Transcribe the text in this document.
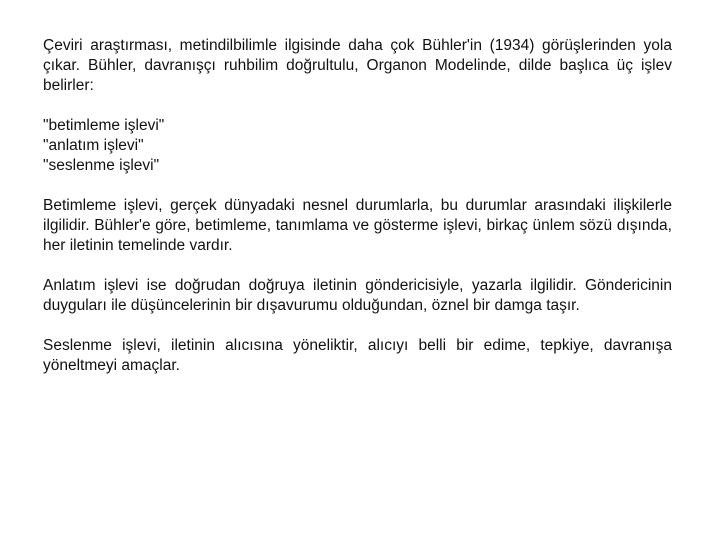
Çeviri araştırması, metindilbilimle ilgisinde daha çok Bühler'in (1934) görüşlerinden yola çıkar. Bühler, davranışçı ruhbilim doğrultulu, Organon Modelinde, dilde başlıca üç işlev belirler:

"betimleme işlevi"
"anlatım işlevi"
"seslenme işlevi"

Betimleme işlevi, gerçek dünyadaki nesnel durumlarla, bu durumlar arasındaki ilişkilerle ilgilidir. Bühler'e göre, betimleme, tanımlama ve gösterme işlevi, birkaç ünlem sözü dışında, her iletinin temelinde vardır.

Anlatım işlevi ise doğrudan doğruya iletinin göndericisiyle, yazarla ilgilidir. Göndericinin duyguları ile düşüncelerinin bir dışavurumu olduğundan, öznel bir damga taşır.

Seslenme işlevi, iletinin alıcısına yöneliktir, alıcıyı belli bir edime, tepkiye, davranışa yöneltmeyi amaçlar.
